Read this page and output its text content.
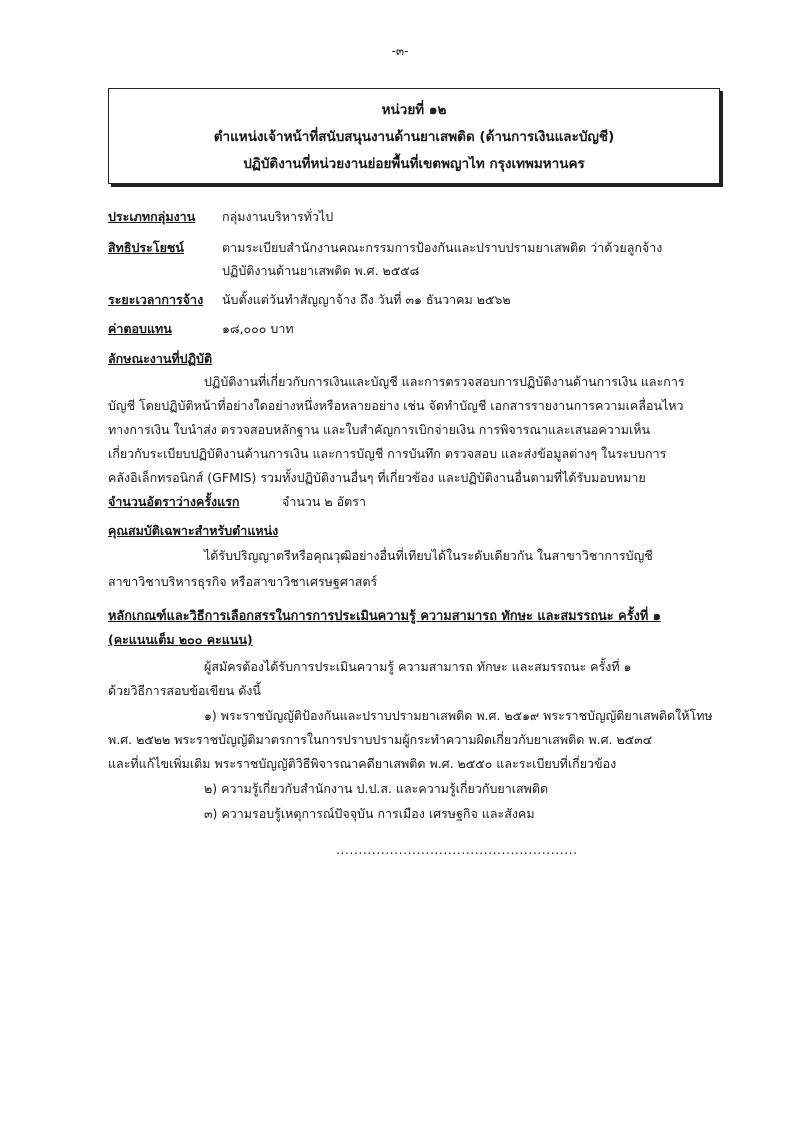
-๓-
หน่วยที่ ๑๒
ตำแหน่งเจ้าหน้าที่สนับสนุนงานด้านยาเสพติด (ด้านการเงินและบัญชี)
ปฏิบัติงานที่หน่วยงานย่อยพื้นที่เขตพญาไท กรุงเทพมหานคร
ประเภทกลุ่มงาน กลุ่มงานบริหารทั่วไป
สิทธิประโยชน์	ตามระเบียบสำนักงานคณะกรรมการป้องกันและปราบปรามยาเสพติด ว่าด้วยลูกจ้าง
ปฏิบัติงานด้านยาเสพติด พ.ศ. ๒๕๕๘
ระยะเวลาการจ้าง นับตั้งแต่วันทำสัญญาจ้าง ถึง วันที่ ๓๑ ธันวาคม ๒๕๖๒
ค่าตอบแทน	๑๘,๐๐๐ บาท
ลักษณะงานที่ปฏิบัติ
ปฏิบัติงานที่เกี่ยวกับการเงินและบัญชี และการตรวจสอบการปฏิบัติงานด้านการเงิน และการ
บัญชี โดยปฏิบัติหน้าที่อย่างใดอย่างหนึ่งหรือหลายอย่าง เช่น จัดทำบัญชี เอกสารรายงานการความเคลื่อนไหว
ทางการเงิน ใบนำส่ง ตรวจสอบหลักฐาน และใบสำคัญการเบิกจ่ายเงิน การพิจารณาและเสนอความเห็น
เกี่ยวกับระเบียบปฏิบัติงานด้านการเงิน และการบัญชี การบันทึก ตรวจสอบ และส่งข้อมูลต่างๆ ในระบบการ
คลังอิเล็กทรอนิกส์ (GFMIS) รวมทั้งปฏิบัติงานอื่นๆ ที่เกี่ยวข้อง และปฏิบัติงานอื่นตามที่ได้รับมอบหมาย
จำนวนอัตราว่างครั้งแรก	จำนวน ๒ อัตรา
คุณสมบัติเฉพาะสำหรับตำแหน่ง
ได้รับปริญญาตรีหรือคุณวุฒิอย่างอื่นที่เทียบได้ในระดับเดียวกัน ในสาขาวิชาการบัญชี
สาขาวิชาบริหารธุรกิจ หรือสาขาวิชาเศรษฐศาสตร์
หลักเกณฑ์และวิธีการเลือกสรรในการการประเมินความรู้ ความสามารถ ทักษะ และสมรรถนะ ครั้งที่ ๑
(คะแนนเต็ม ๒๐๐ คะแนน)
ผู้สมัครต้องได้รับการประเมินความรู้ ความสามารถ ทักษะ และสมรรถนะ ครั้งที่ ๑
ด้วยวิธีการสอบข้อเขียน ดังนี้
๑) พระราชบัญญัติป้องกันและปราบปรามยาเสพติด พ.ศ. ๒๕๑๙ พระราชบัญญัติยาเสพติดให้โทษ
พ.ศ. ๒๕๒๒ พระราชบัญญัติมาตรการในการปราบปรามผู้กระทำความผิดเกี่ยวกับยาเสพติด พ.ศ. ๒๕๓๔
และที่แก้ไขเพิ่มเติม พระราชบัญญัติวิธีพิจารณาคดียาเสพติด พ.ศ. ๒๕๕๐ และระเบียบที่เกี่ยวข้อง
๒) ความรู้เกี่ยวกับสำนักงาน ป.ป.ส. และความรู้เกี่ยวกับยาเสพติด
๓) ความรอบรู้เหตุการณ์ปัจจุบัน การเมือง เศรษฐกิจ และสังคม
......................................................
